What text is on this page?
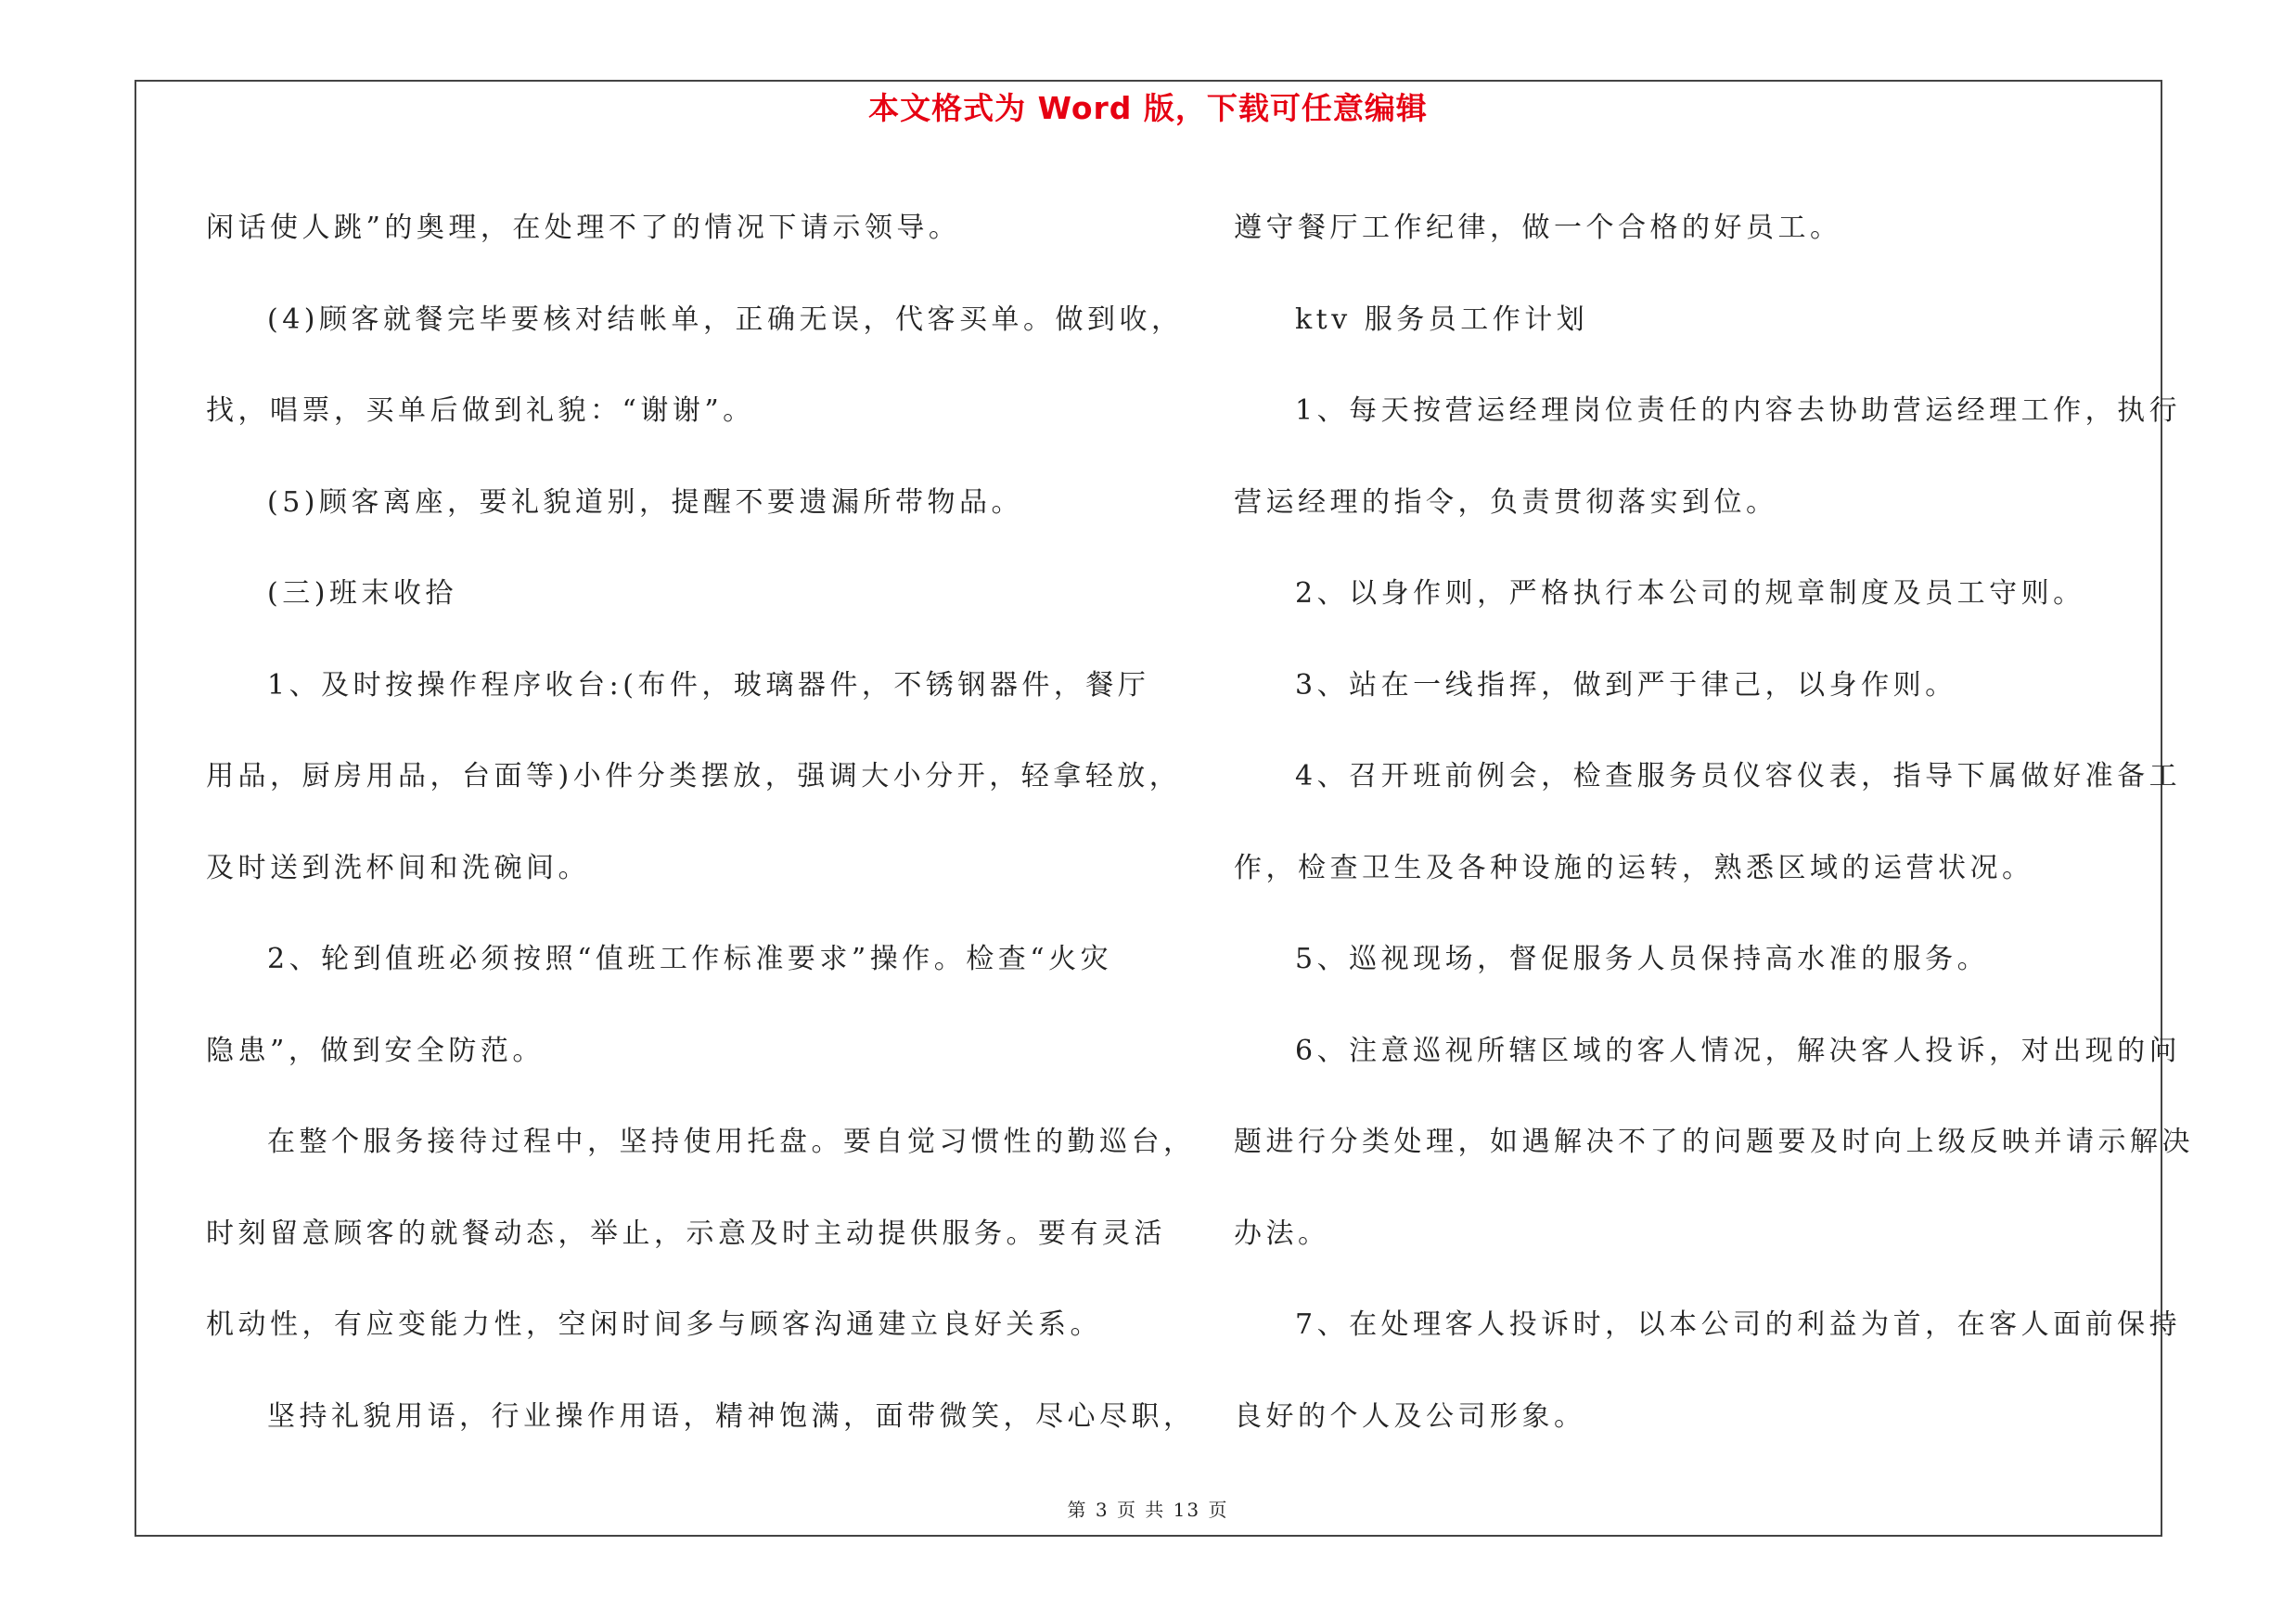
本文格式为 Word 版，下载可任意编辑

闲话使人跳”的奥理，在处理不了的情况下请示领导。

(4)顾客就餐完毕要核对结帐单，正确无误，代客买单。做到收，

找，唱票，买单后做到礼貌：“谢谢”。

(5)顾客离座，要礼貌道别，提醒不要遗漏所带物品。

(三)班末收拾

1、及时按操作程序收台:(布件，玻璃器件，不锈钢器件，餐厅

用品，厨房用品，台面等)小件分类摆放，强调大小分开，轻拿轻放，

及时送到洗杯间和洗碗间。

2、轮到值班必须按照“值班工作标准要求”操作。检查“火灾

隐患”，做到安全防范。

在整个服务接待过程中，坚持使用托盘。要自觉习惯性的勤巡台，

时刻留意顾客的就餐动态，举止，示意及时主动提供服务。要有灵活

机动性，有应变能力性，空闲时间多与顾客沟通建立良好关系。

坚持礼貌用语，行业操作用语，精神饱满，面带微笑，尽心尽职，

遵守餐厅工作纪律，做一个合格的好员工。

ktv 服务员工作计划

1、每天按营运经理岗位责任的内容去协助营运经理工作，执行

营运经理的指令，负责贯彻落实到位。

2、以身作则，严格执行本公司的规章制度及员工守则。

3、站在一线指挥，做到严于律己，以身作则。

4、召开班前例会，检查服务员仪容仪表，指导下属做好准备工

作，检查卫生及各种设施的运转，熟悉区域的运营状况。

5、巡视现场，督促服务人员保持高水准的服务。

6、注意巡视所辖区域的客人情况，解决客人投诉，对出现的问

题进行分类处理，如遇解决不了的问题要及时向上级反映并请示解决

办法。

7、在处理客人投诉时，以本公司的利益为首，在客人面前保持

良好的个人及公司形象。

第 3 页 共 13 页
